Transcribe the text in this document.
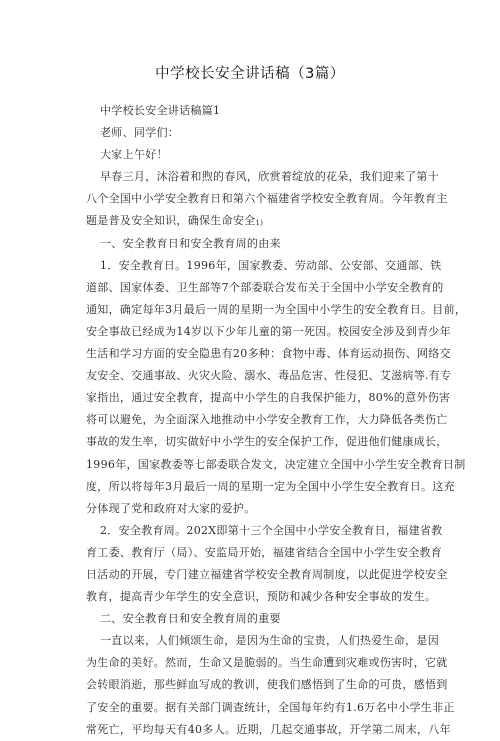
中学校长安全讲话稿（3篇）
中学校长安全讲话稿篇1
老师、同学们：
大家上午好！
早春三月，沐浴着和煦的春风，欣赏着绽放的花朵，我们迎来了第十
八个全国中小学安全教育日和第六个福建省学校安全教育周。今年教育主
题是普及安全知识，确保生命安全$_{1)}$
一、安全教育日和安全教育周的由来
1．安全教育日。1996年，国家教委、劳动部、公安部、交通部、铁
道部、国家体委、卫生部等7个部委联合发布关于全国中小学安全教育的
通知，确定每年3月最后一周的星期一为全国中小学生的安全教育日。目前，
安全事故已经成为14岁以下少年儿童的第一死因。校园安全涉及到青少年
生活和学习方面的安全隐患有20多种：食物中毒、体育运动损伤、网络交
友安全、交通事故、火灾火险、溺水、毒品危害、性侵犯、艾滋病等.有专
家指出，通过安全教育，提高中小学生的自我保护能力，80%的意外伤害
将可以避免，为全面深入地推动中小学安全教育工作，大力降低各类伤亡
事故的发生率，切实做好中小学生的安全保护工作，促进他们健康成长，
1996年，国家教委等七部委联合发文，决定建立全国中小学生安全教育日制
度，所以将每年3月最后一周的星期一定为全国中小学生安全教育日。这充
分体现了党和政府对大家的爱护。
2．安全教育周。202X即第十三个全国中小学安全教育日，福建省教
育工委、教育厅（局）、安监局开始，福建省结合全国中小学生安全教育
日活动的开展，专门建立福建省学校安全教育周制度，以此促进学校安全
教育，提高青少年学生的安全意识，预防和减少各种安全事故的发生。
二、安全教育日和安全教育周的重要
一直以来，人们倾颂生命，是因为生命的宝贵，人们热爱生命，是因
为生命的美好。然而，生命又是脆弱的。当生命遭到灾难或伤害时，它就
会转眼消逝，那些鲜血写成的教训，使我们感悟到了生命的可贵，感悟到
了安全的重要。据有关部门调查统计，全国每年约有1.6万名中小学生非正
常死亡，平均每天有40多人。近期，几起交通事故，开学第二周末，八年
